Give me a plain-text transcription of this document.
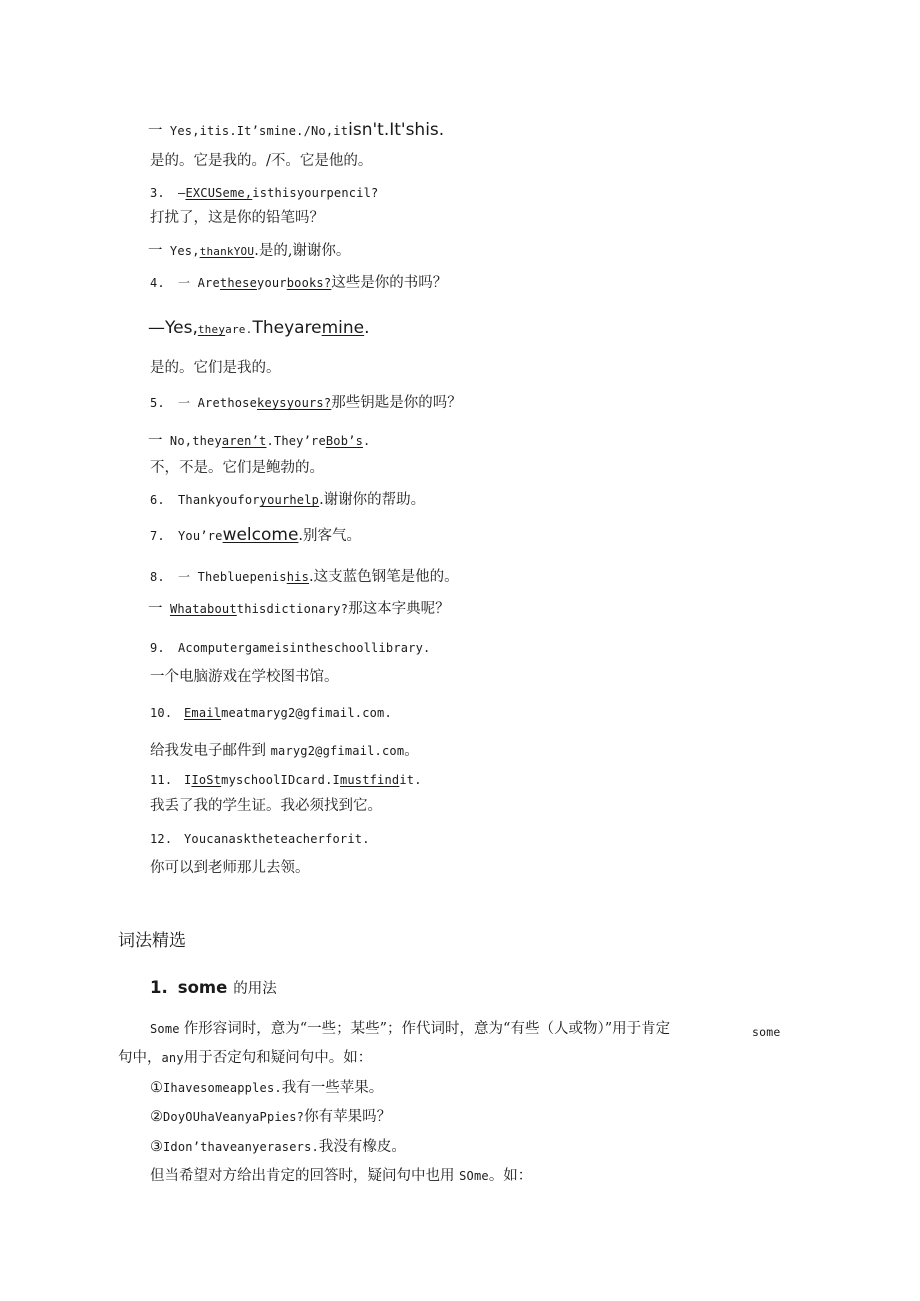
一 Yes,itis.It’smine./No,itisn't.It'shis.
是的。它是我的。/不。它是他的。
3. —EXCUSeme,isthisyourpencil?
打扰了，这是你的铅笔吗？
一 Yes,thankYOU.是的,谢谢你。
4. 一 Aretheseyourbooks?这些是你的书吗？
—Yes,theyare.Theyaremine.
是的。它们是我的。
5. 一 Arethosekeysyours?那些钥匙是你的吗？
一 No,theyaren’t.They’reBob’s.
不，不是。它们是鲍勃的。
6. Thankyouforyourhelp.谢谢你的帮助。
7. You’rewelcome.别客气。
8. 一 Thebluepenishis.这支蓝色钢笔是他的。
一 Whataboutthisdictionary?那这本字典呢？
9. Acomputergameisintheschoollibrary.
一个电脑游戏在学校图书馆。
10. Emailmeatmaryg2@gfimail.com.
给我发电子邮件到 maryg2@gfimail.com。
11. IIoStmyschoolIDcard.Imustfindit.
我丢了我的学生证。我必须找到它。
12. Youcanasktheteacherforit.
你可以到老师那儿去领。
词法精选
1. some 的用法
Some 作形容词时，意为“一些；某些”；作代词时，意为“有些（人或物）”用于肯定	some
句中，any用于否定句和疑问句中。如：
①Ihavesomeapples.我有一些苹果。
②DoyOUhaVeanyaPpies?你有苹果吗？
③Idon’thaveanyerasers.我没有橡皮。
但当希望对方给出肯定的回答时，疑问句中也用 SOme。如：
